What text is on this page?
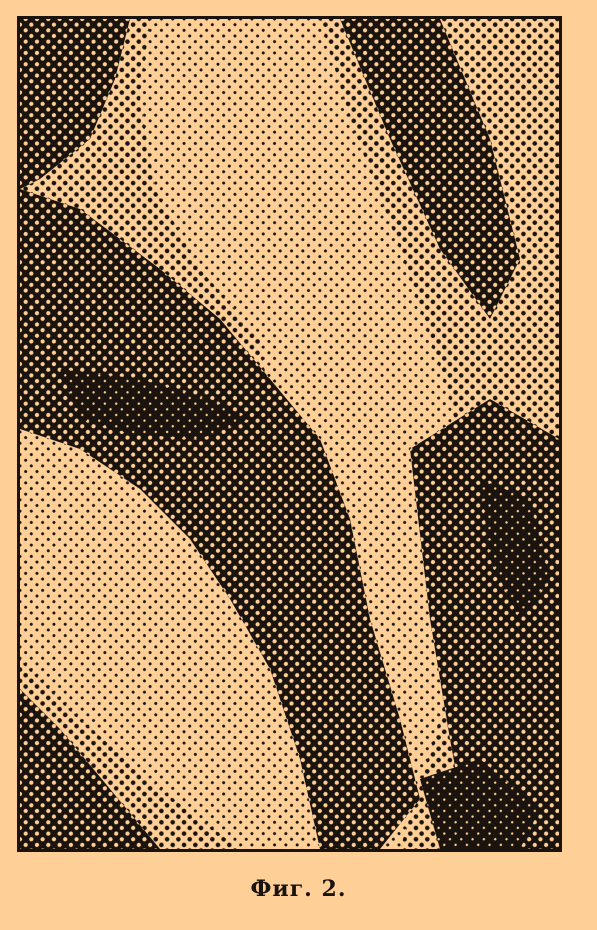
Фиг. 2.
